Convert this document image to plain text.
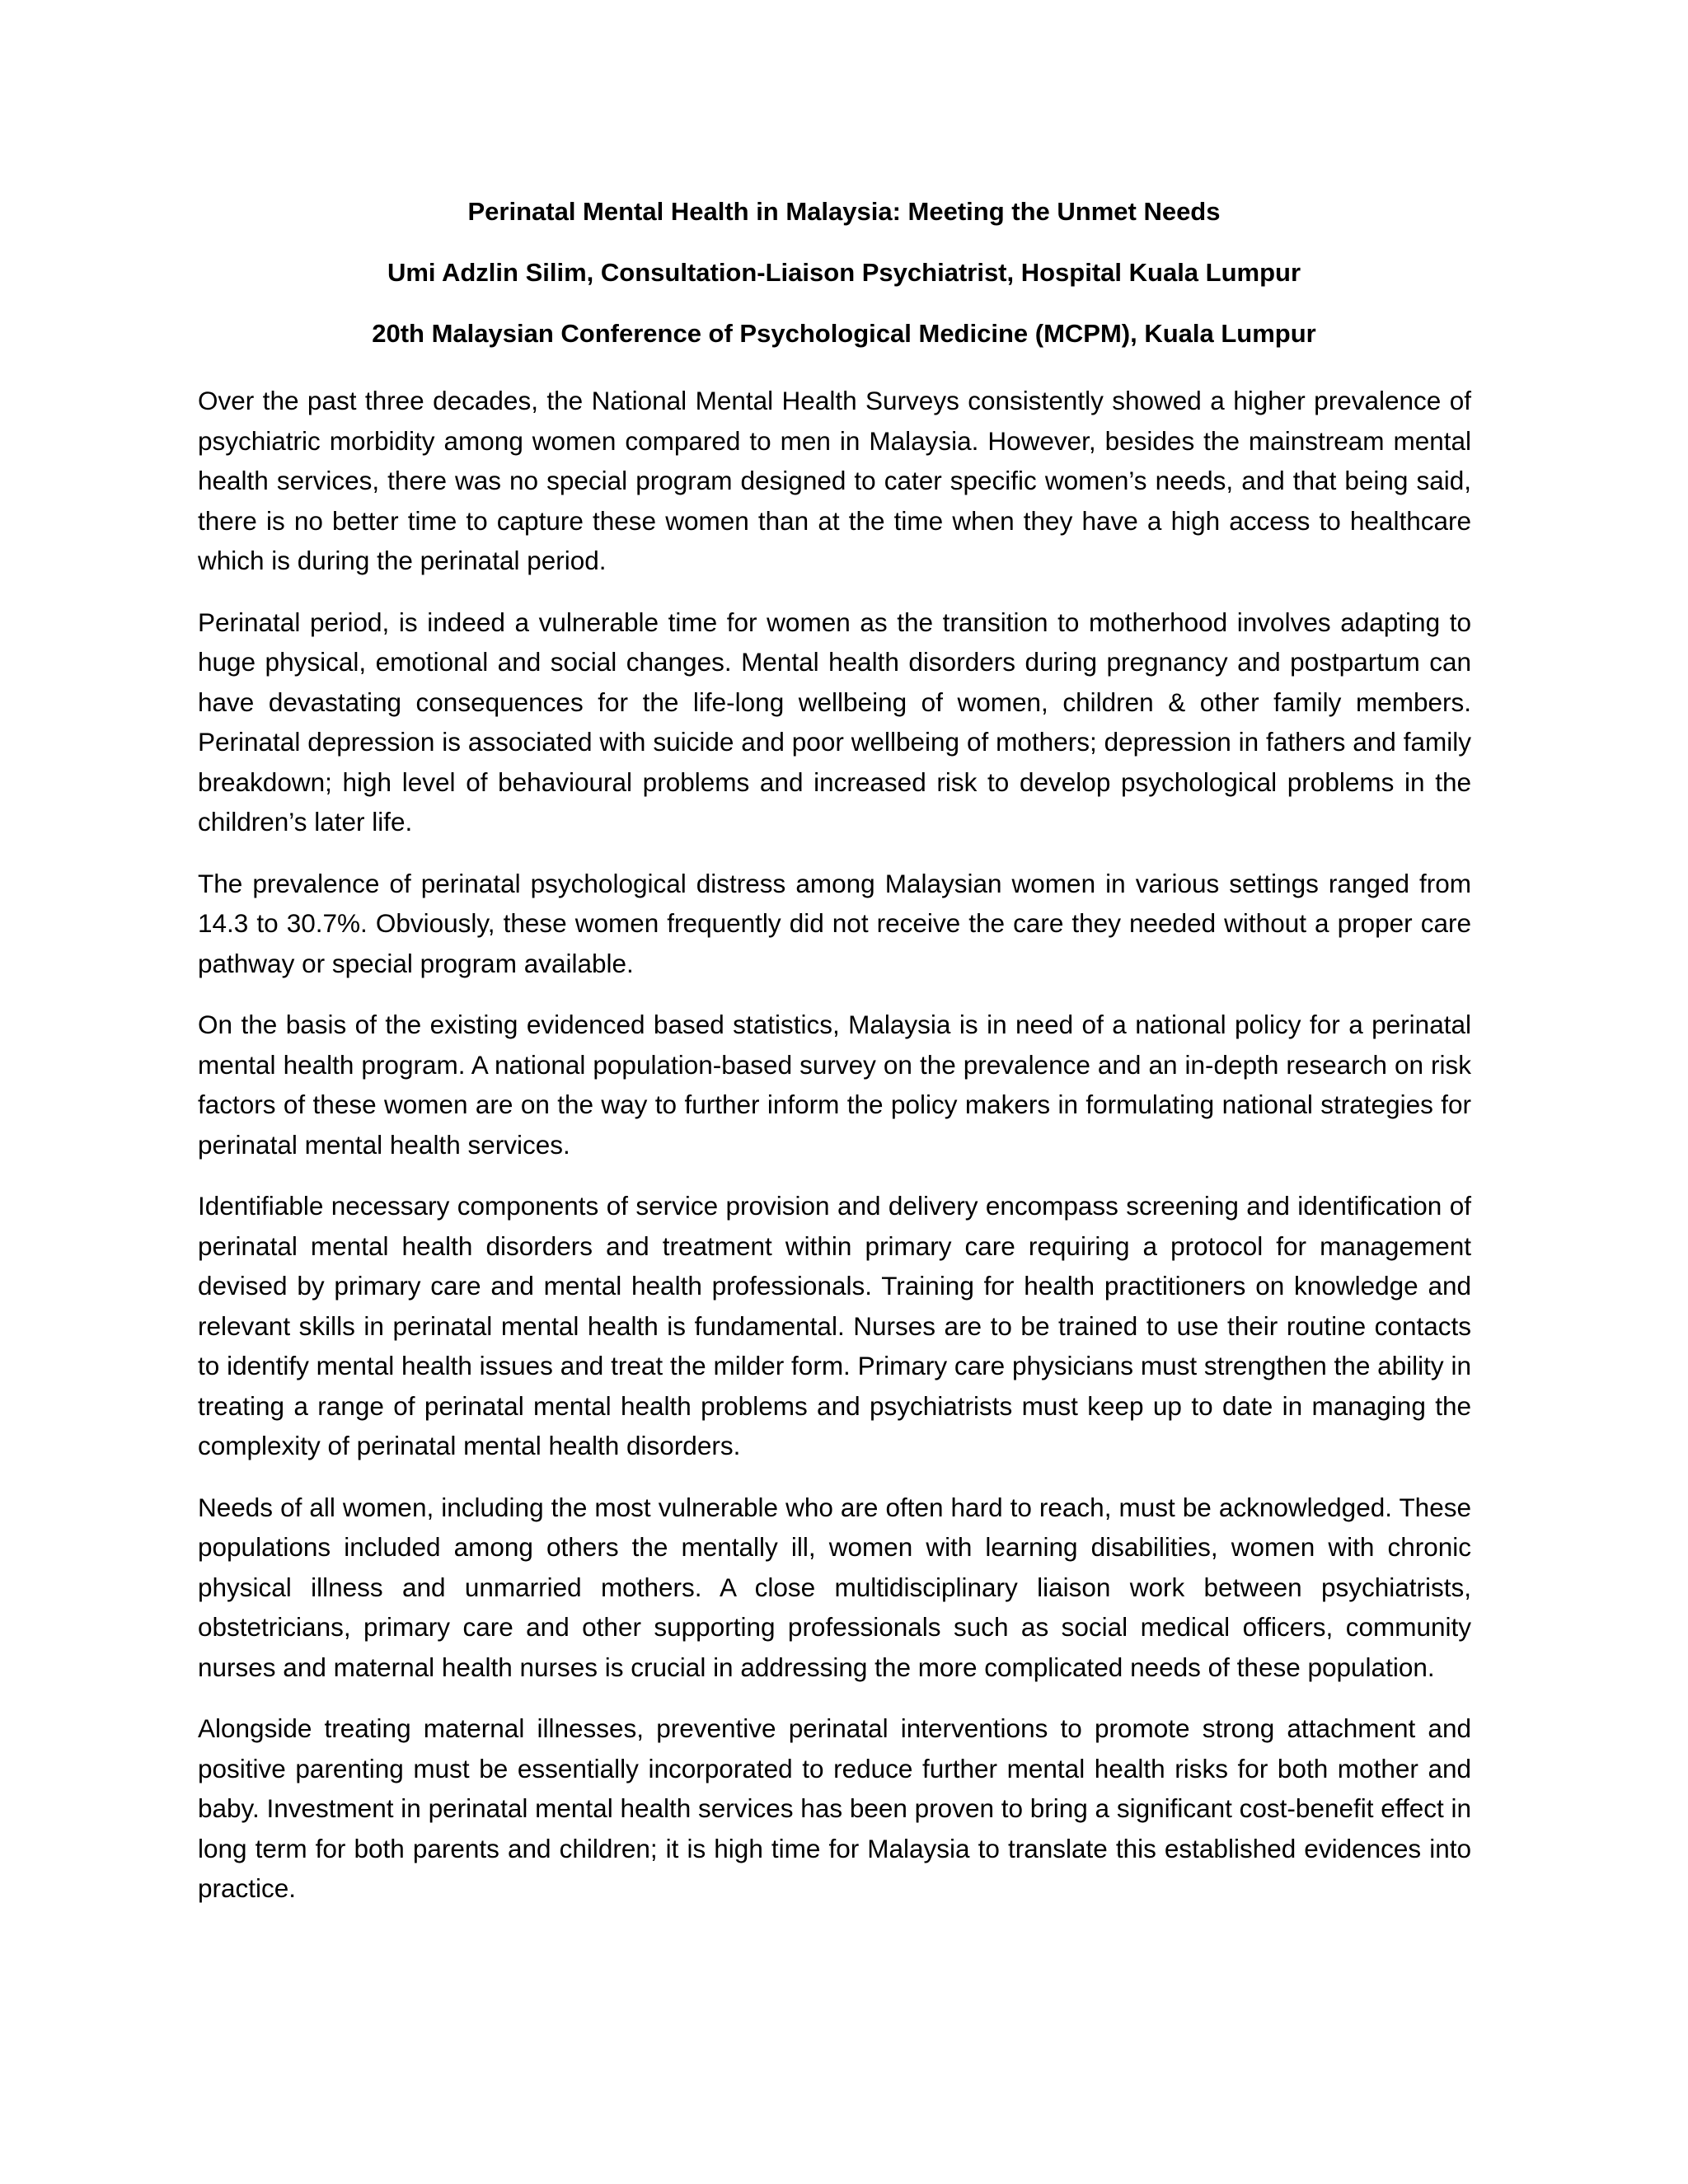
Perinatal Mental Health in Malaysia: Meeting the Unmet Needs
Umi Adzlin Silim, Consultation-Liaison Psychiatrist, Hospital Kuala Lumpur
20th Malaysian Conference of Psychological Medicine (MCPM), Kuala Lumpur

Over the past three decades, the National Mental Health Surveys consistently showed a higher prevalence of psychiatric morbidity among women compared to men in Malaysia. However, besides the mainstream mental health services, there was no special program designed to cater specific women’s needs, and that being said, there is no better time to capture these women than at the time when they have a high access to healthcare which is during the perinatal period.

Perinatal period, is indeed a vulnerable time for women as the transition to motherhood involves adapting to huge physical, emotional and social changes. Mental health disorders during pregnancy and postpartum can have devastating consequences for the life-long wellbeing of women, children & other family members. Perinatal depression is associated with suicide and poor wellbeing of mothers; depression in fathers and family breakdown; high level of behavioural problems and increased risk to develop psychological problems in the children’s later life.

The prevalence of perinatal psychological distress among Malaysian women in various settings ranged from 14.3 to 30.7%. Obviously, these women frequently did not receive the care they needed without a proper care pathway or special program available.

On the basis of the existing evidenced based statistics, Malaysia is in need of a national policy for a perinatal mental health program. A national population-based survey on the prevalence and an in-depth research on risk factors of these women are on the way to further inform the policy makers in formulating national strategies for perinatal mental health services.

Identifiable necessary components of service provision and delivery encompass screening and identification of perinatal mental health disorders and treatment within primary care requiring a protocol for management devised by primary care and mental health professionals. Training for health practitioners on knowledge and relevant skills in perinatal mental health is fundamental. Nurses are to be trained to use their routine contacts to identify mental health issues and treat the milder form. Primary care physicians must strengthen the ability in treating a range of perinatal mental health problems and psychiatrists must keep up to date in managing the complexity of perinatal mental health disorders.

Needs of all women, including the most vulnerable who are often hard to reach, must be acknowledged. These populations included among others the mentally ill, women with learning disabilities, women with chronic physical illness and unmarried mothers. A close multidisciplinary liaison work between psychiatrists, obstetricians, primary care and other supporting professionals such as social medical officers, community nurses and maternal health nurses is crucial in addressing the more complicated needs of these population.

Alongside treating maternal illnesses, preventive perinatal interventions to promote strong attachment and positive parenting must be essentially incorporated to reduce further mental health risks for both mother and baby. Investment in perinatal mental health services has been proven to bring a significant cost-benefit effect in long term for both parents and children; it is high time for Malaysia to translate this established evidences into practice.
